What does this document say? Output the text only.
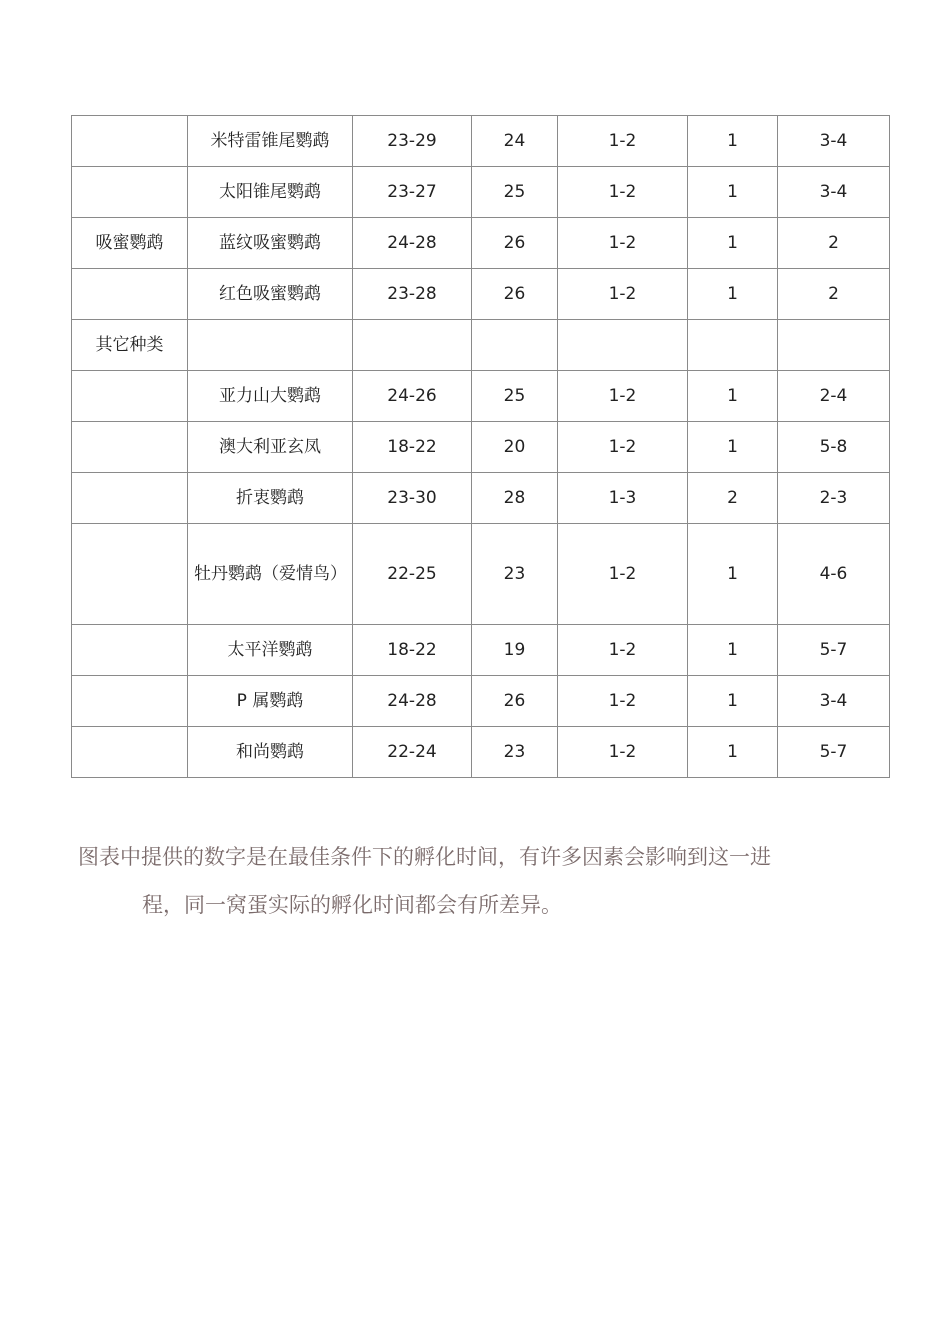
	米特雷锥尾鹦鹉	23-29	24	1-2	1	3-4
	太阳锥尾鹦鹉	23-27	25	1-2	1	3-4
吸蜜鹦鹉	蓝纹吸蜜鹦鹉	24-28	26	1-2	1	2
	红色吸蜜鹦鹉	23-28	26	1-2	1	2
其它种类						
	亚力山大鹦鹉	24-26	25	1-2	1	2-4
	澳大利亚玄凤	18-22	20	1-2	1	5-8
	折衷鹦鹉	23-30	28	1-3	2	2-3
	牡丹鹦鹉（爱情鸟）	22-25	23	1-2	1	4-6
	太平洋鹦鹉	18-22	19	1-2	1	5-7
	P 属鹦鹉	24-28	26	1-2	1	3-4
	和尚鹦鹉	22-24	23	1-2	1	5-7

图表中提供的数字是在最佳条件下的孵化时间，有许多因素会影响到这一进
程，同一窝蛋实际的孵化时间都会有所差异。
